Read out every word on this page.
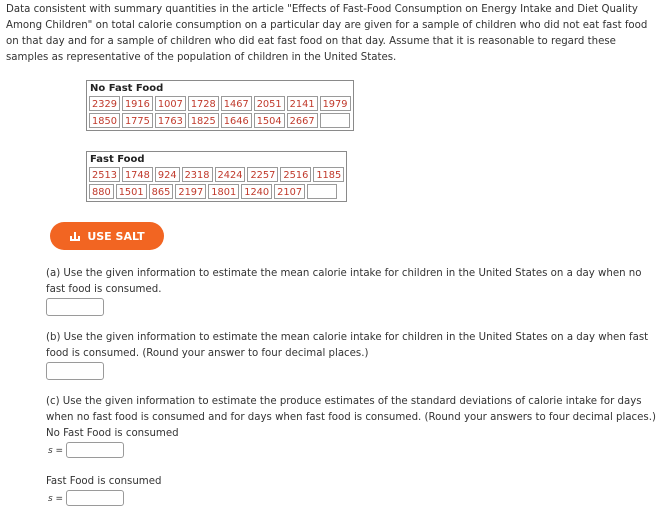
Data consistent with summary quantities in the article "Effects of Fast-Food Consumption on Energy Intake and Diet Quality Among Children" on total calorie consumption on a particular day are given for a sample of children who did not eat fast food on that day and for a sample of children who did eat fast food on that day. Assume that it is reasonable to regard these samples as representative of the population of children in the United States.
No Fast Food
2329 1916 1007 1728 1467 2051 2141 1979
1850 1775 1763 1825 1646 1504 2667

Fast Food
2513 1748 924 2318 2424 2257 2516 1185
880 1501 865 2197 1801 1240 2107

USE SALT
(a) Use the given information to estimate the mean calorie intake for children in the United States on a day when no fast food is consumed.
(b) Use the given information to estimate the mean calorie intake for children in the United States on a day when fast food is consumed. (Round your answer to four decimal places.)
(c) Use the given information to estimate the produce estimates of the standard deviations of calorie intake for days when no fast food is consumed and for days when fast food is consumed. (Round your answers to four decimal places.)
No Fast Food is consumed
s =
Fast Food is consumed
s =
